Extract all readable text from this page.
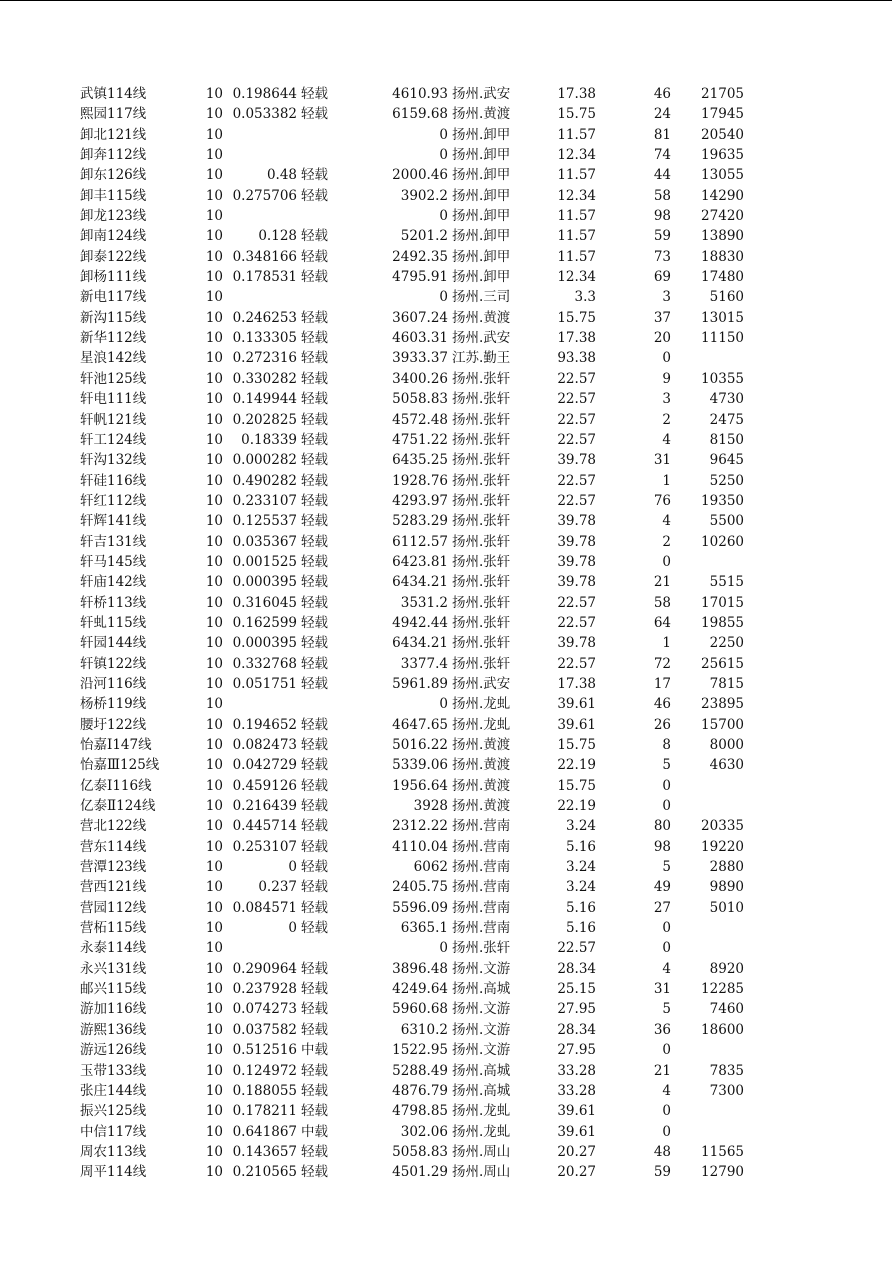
武镇114线	10 0.198644 轻载	4610.93 扬州.武安	17.38	46	21705
熙园117线	10 0.053382 轻载	6159.68 扬州.黄渡	15.75	24	17945
卸北121线	10	0 扬州.卸甲	11.57	81	20540
卸奔112线	10	0 扬州.卸甲	12.34	74	19635
卸东126线	10	0.48 轻载	2000.46 扬州.卸甲	11.57	44	13055
卸丰115线	10 0.275706 轻载	3902.2 扬州.卸甲	12.34	58	14290
卸龙123线	10	0 扬州.卸甲	11.57	98	27420
卸南124线	10	0.128 轻载	5201.2 扬州.卸甲	11.57	59	13890
卸泰122线	10 0.348166 轻载	2492.35 扬州.卸甲	11.57	73	18830
卸杨111线	10 0.178531 轻载	4795.91 扬州.卸甲	12.34	69	17480
新电117线	10	0 扬州.三司	3.3	3	5160
新沟115线	10 0.246253 轻载	3607.24 扬州.黄渡	15.75	37	13015
新华112线	10 0.133305 轻载	4603.31 扬州.武安	17.38	20	11150
星浪142线	10 0.272316 轻载	3933.37 江苏.勤王	93.38	0
轩池125线	10 0.330282 轻载	3400.26 扬州.张轩	22.57	9	10355
轩电111线	10 0.149944 轻载	5058.83 扬州.张轩	22.57	3	4730
轩帆121线	10 0.202825 轻载	4572.48 扬州.张轩	22.57	2	2475
轩工124线	10	0.18339 轻载	4751.22 扬州.张轩	22.57	4	8150
轩沟132线	10 0.000282 轻载	6435.25 扬州.张轩	39.78	31	9645
轩硅116线	10 0.490282 轻载	1928.76 扬州.张轩	22.57	1	5250
轩红112线	10 0.233107 轻载	4293.97 扬州.张轩	22.57	76	19350
轩辉141线	10 0.125537 轻载	5283.29 扬州.张轩	39.78	4	5500
轩吉131线	10 0.035367 轻载	6112.57 扬州.张轩	39.78	2	10260
轩马145线	10 0.001525 轻载	6423.81 扬州.张轩	39.78	0
轩庙142线	10 0.000395 轻载	6434.21 扬州.张轩	39.78	21	5515
轩桥113线	10 0.316045 轻载	3531.2 扬州.张轩	22.57	58	17015
轩虬115线	10 0.162599 轻载	4942.44 扬州.张轩	22.57	64	19855
轩园144线	10 0.000395 轻载	6434.21 扬州.张轩	39.78	1	2250
轩镇122线	10 0.332768 轻载	3377.4 扬州.张轩	22.57	72	25615
沿河116线	10 0.051751 轻载	5961.89 扬州.武安	17.38	17	7815
杨桥119线	10	0 扬州.龙虬	39.61	46	23895
腰圩122线	10 0.194652 轻载	4647.65 扬州.龙虬	39.61	26	15700
怡嘉Ⅰ147线	10 0.082473 轻载	5016.22 扬州.黄渡	15.75	8	8000
怡嘉Ⅲ125线	10 0.042729 轻载	5339.06 扬州.黄渡	22.19	5	4630
亿泰Ⅰ116线	10 0.459126 轻载	1956.64 扬州.黄渡	15.75	0
亿泰Ⅱ124线	10 0.216439 轻载	3928 扬州.黄渡	22.19	0
营北122线	10 0.445714 轻载	2312.22 扬州.营南	3.24	80	20335
营东114线	10 0.253107 轻载	4110.04 扬州.营南	5.16	98	19220
营潭123线	10	0 轻载	6062 扬州.营南	3.24	5	2880
营西121线	10	0.237 轻载	2405.75 扬州.营南	3.24	49	9890
营园112线	10 0.084571 轻载	5596.09 扬州.营南	5.16	27	5010
营柘115线	10	0 轻载	6365.1 扬州.营南	5.16	0
永泰114线	10	0 扬州.张轩	22.57	0
永兴131线	10 0.290964 轻载	3896.48 扬州.文游	28.34	4	8920
邮兴115线	10 0.237928 轻载	4249.64 扬州.高城	25.15	31	12285
游加116线	10 0.074273 轻载	5960.68 扬州.文游	27.95	5	7460
游熙136线	10 0.037582 轻载	6310.2 扬州.文游	28.34	36	18600
游远126线	10 0.512516 中载	1522.95 扬州.文游	27.95	0
玉带133线	10 0.124972 轻载	5288.49 扬州.高城	33.28	21	7835
张庄144线	10 0.188055 轻载	4876.79 扬州.高城	33.28	4	7300
振兴125线	10 0.178211 轻载	4798.85 扬州.龙虬	39.61	0
中信117线	10 0.641867 中载	302.06 扬州.龙虬	39.61	0
周农113线	10 0.143657 轻载	5058.83 扬州.周山	20.27	48	11565
周平114线	10 0.210565 轻载	4501.29 扬州.周山	20.27	59	12790
